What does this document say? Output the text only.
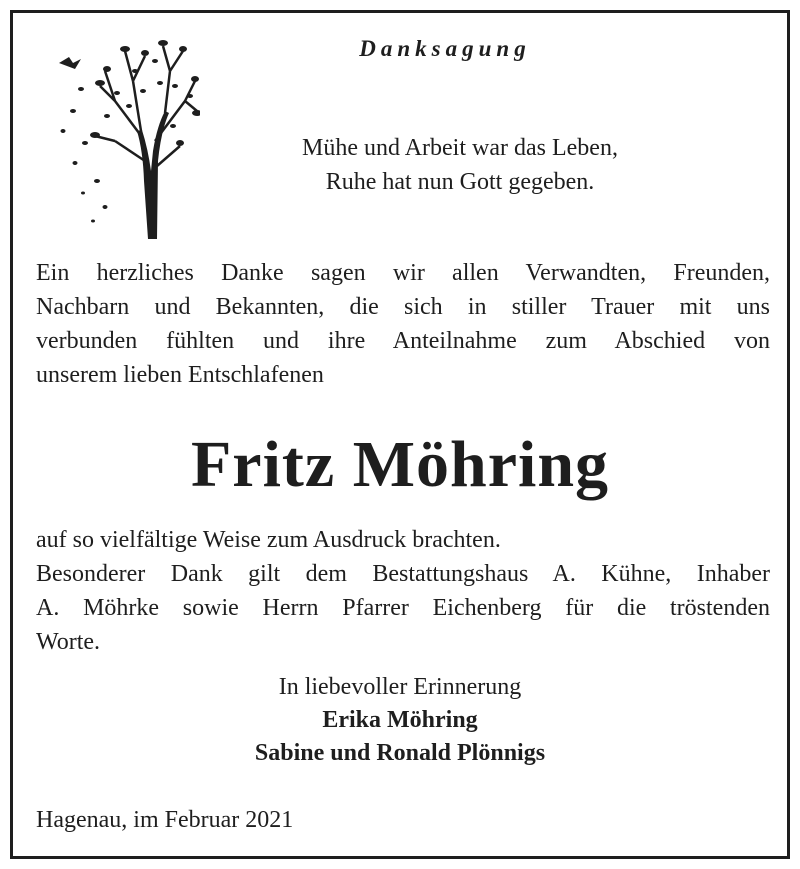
Danksagung
Mühe und Arbeit war das Leben,
Ruhe hat nun Gott gegeben.
Ein herzliches Danke sagen wir allen Verwandten, Freunden,
Nachbarn und Bekannten, die sich in stiller Trauer mit uns
verbunden fühlten und ihre Anteilnahme zum Abschied von
unserem lieben Entschlafenen
Fritz Möhring
auf so vielfältige Weise zum Ausdruck brachten.
Besonderer Dank gilt dem Bestattungshaus A. Kühne, Inhaber
A. Möhrke sowie Herrn Pfarrer Eichenberg für die tröstenden
Worte.
In liebevoller Erinnerung
Erika Möhring
Sabine und Ronald Plönnigs
Hagenau, im Februar 2021
